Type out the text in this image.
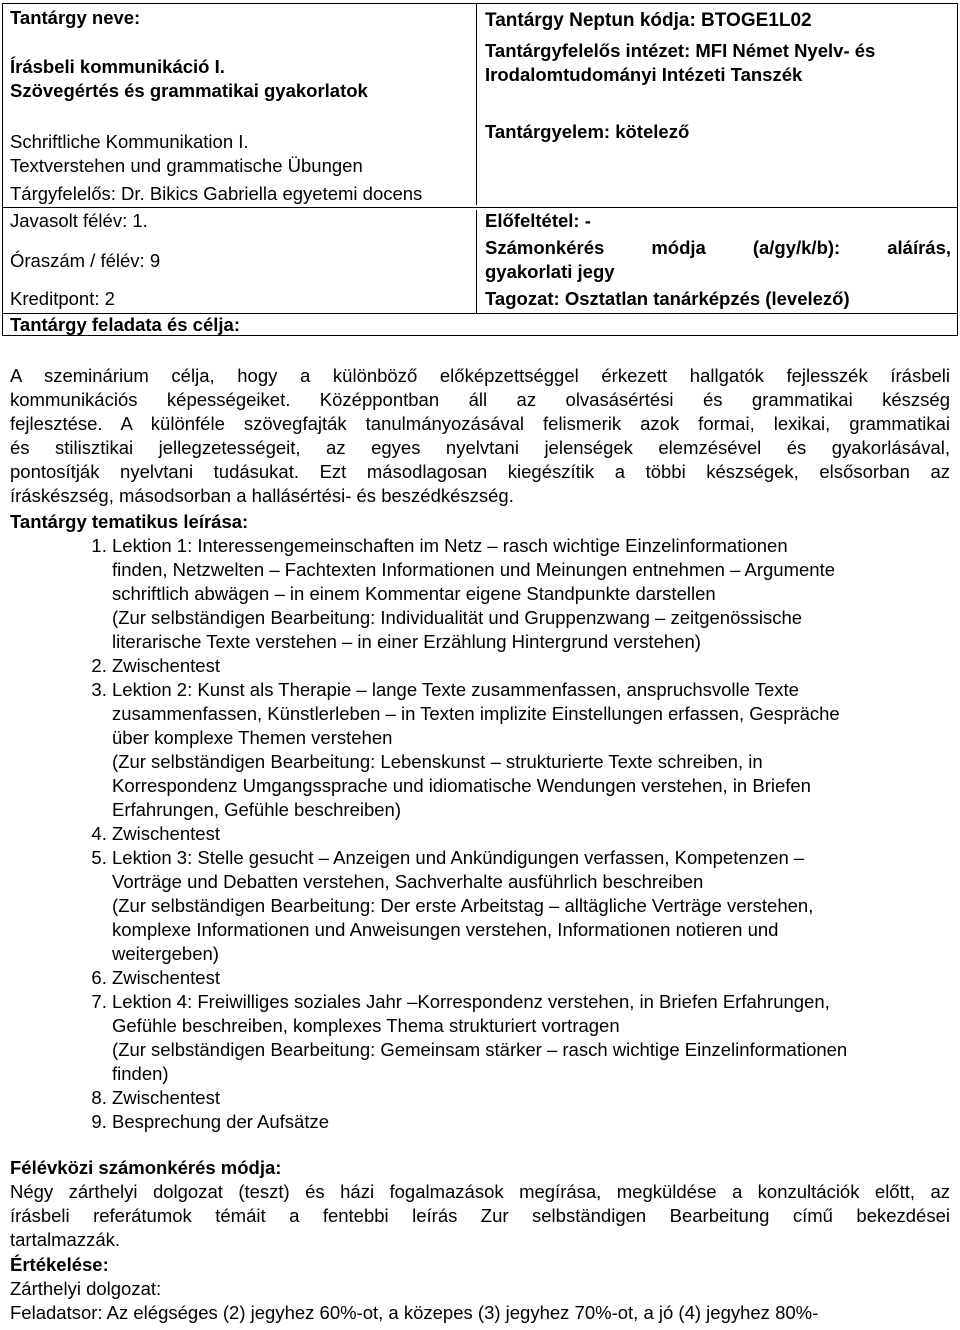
Tantárgy neve:
Írásbeli kommunikáció I.
Szövegértés és grammatikai gyakorlatok
Schriftliche Kommunikation I.
Textverstehen und grammatische Übungen
Tárgyfelelős: Dr. Bikics Gabriella egyetemi docens
Tantárgy Neptun kódja: BTOGE1L02
Tantárgyfelelős intézet: MFI Német Nyelv- és
Irodalomtudományi Intézeti Tanszék
Tantárgyelem: kötelező
Javasolt félév: 1.	Előfeltétel: -
Óraszám / félév: 9
Számonkérés módja (a/gy/k/b): aláírás,
gyakorlati jegy
Kreditpont: 2	Tagozat: Osztatlan tanárképzés (levelező)
Tantárgy feladata és célja:
A szeminárium célja, hogy a különböző előképzettséggel érkezett hallgatók fejlesszék írásbeli
kommunikációs képességeiket. Középpontban áll az olvasásértési és grammatikai készség
fejlesztése. A különféle szövegfajták tanulmányozásával felismerik azok formai, lexikai, grammatikai
és stilisztikai jellegzetességeit, az egyes nyelvtani jelenségek elemzésével és gyakorlásával,
pontosítják nyelvtani tudásukat. Ezt másodlagosan kiegészítik a többi készségek, elsősorban az
íráskészség, másodsorban a hallásértési- és beszédkészség.
Tantárgy tematikus leírása:
1. Lektion 1: Interessengemeinschaften im Netz – rasch wichtige Einzelinformationen
finden, Netzwelten – Fachtexten Informationen und Meinungen entnehmen – Argumente
schriftlich abwägen – in einem Kommentar eigene Standpunkte darstellen
(Zur selbständigen Bearbeitung: Individualität und Gruppenzwang – zeitgenössische
literarische Texte verstehen – in einer Erzählung Hintergrund verstehen)
2. Zwischentest
3. Lektion 2: Kunst als Therapie – lange Texte zusammenfassen, anspruchsvolle Texte
zusammenfassen, Künstlerleben – in Texten implizite Einstellungen erfassen, Gespräche
über komplexe Themen verstehen
(Zur selbständigen Bearbeitung: Lebenskunst – strukturierte Texte schreiben, in
Korrespondenz Umgangssprache und idiomatische Wendungen verstehen, in Briefen
Erfahrungen, Gefühle beschreiben)
4. Zwischentest
5. Lektion 3: Stelle gesucht – Anzeigen und Ankündigungen verfassen, Kompetenzen –
Vorträge und Debatten verstehen, Sachverhalte ausführlich beschreiben
(Zur selbständigen Bearbeitung: Der erste Arbeitstag – alltägliche Verträge verstehen,
komplexe Informationen und Anweisungen verstehen, Informationen notieren und
weitergeben)
6. Zwischentest
7. Lektion 4: Freiwilliges soziales Jahr –Korrespondenz verstehen, in Briefen Erfahrungen,
Gefühle beschreiben, komplexes Thema strukturiert vortragen
(Zur selbständigen Bearbeitung: Gemeinsam stärker – rasch wichtige Einzelinformationen
finden)
8. Zwischentest
9. Besprechung der Aufsätze
Félévközi számonkérés módja:
Négy zárthelyi dolgozat (teszt) és házi fogalmazások megírása, megküldése a konzultációk előtt, az
írásbeli referátumok témáit a fentebbi leírás Zur selbständigen Bearbeitung című bekezdései
tartalmazzák.
Értékelése:
Zárthelyi dolgozat:
Feladatsor: Az elégséges (2) jegyhez 60%-ot, a közepes (3) jegyhez 70%-ot, a jó (4) jegyhez 80%-
